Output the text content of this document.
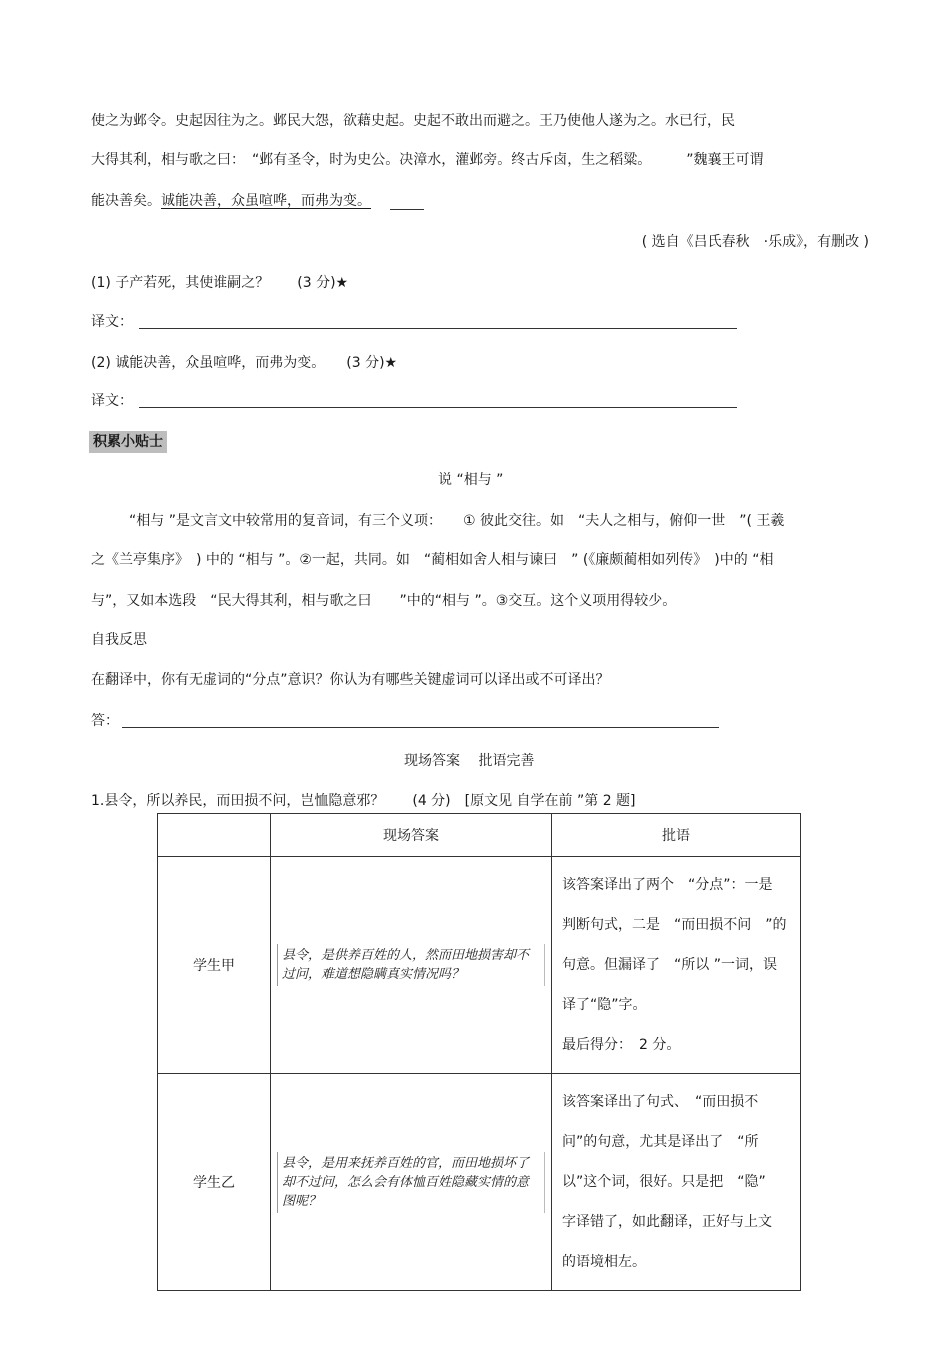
使之为邺令。史起因往为之。邺民大怨，欲藉史起。史起不敢出而避之。王乃使他人遂为之。水已行，民
大得其利，相与歌之曰：　“邺有圣令，时为史公。决漳水，灌邺旁。终古斥卤，生之稻粱。　　　”魏襄王可谓
能决善矣。诚能决善，众虽喧哗，而弗为变。
( 选自《吕氏春秋　·乐成》，有删改 )
(1) 子产若死，其使谁嗣之？　　(3 分)★
译文：
(2) 诚能决善，众虽喧哗，而弗为变。　　(3 分)★
译文：
积累小贴士
说 “相与 ”
“相与 ”是文言文中较常用的复音词，有三个义项：　　① 彼此交往。如　“夫人之相与，俯仰一世　”( 王羲
之《兰亭集序》　) 中的 “相与 ”。②一起，共同。如　“蔺相如舍人相与谏曰　” (《廉颇蔺相如列传》　)中的 “相
与”，又如本选段　“民大得其利，相与歌之曰　　”中的“相与 ”。③交互。这个义项用得较少。
自我反思
在翻译中，你有无虚词的“分点”意识？你认为有哪些关键虚词可以译出或不可译出？
答：
现场答案　 批语完善
1.县令，所以养民，而田损不问，岂恤隐意邪？　　(4 分)　[原文见 自学在前 ”第 2 题]
	现场答案	批语
学生甲	县令，是供养百姓的人，然而田地损害却不过问，难道想隐瞒真实情况吗？	该答案译出了两个　“分点”：一是
判断句式，二是　“而田损不问　”的
句意。但漏译了　“所以 ”一词，误
译了“隐”字。
最后得分：　2 分。

学生乙	县令，是用来抚养百姓的官，而田地损坏了却不过问，怎么会有体恤百姓隐藏实情的意图呢？	该答案译出了句式、　“而田损不
问”的句意，尤其是译出了　“所
以”这个词，很好。只是把　“隐”
字译错了，如此翻译，正好与上文
的语境相左。
